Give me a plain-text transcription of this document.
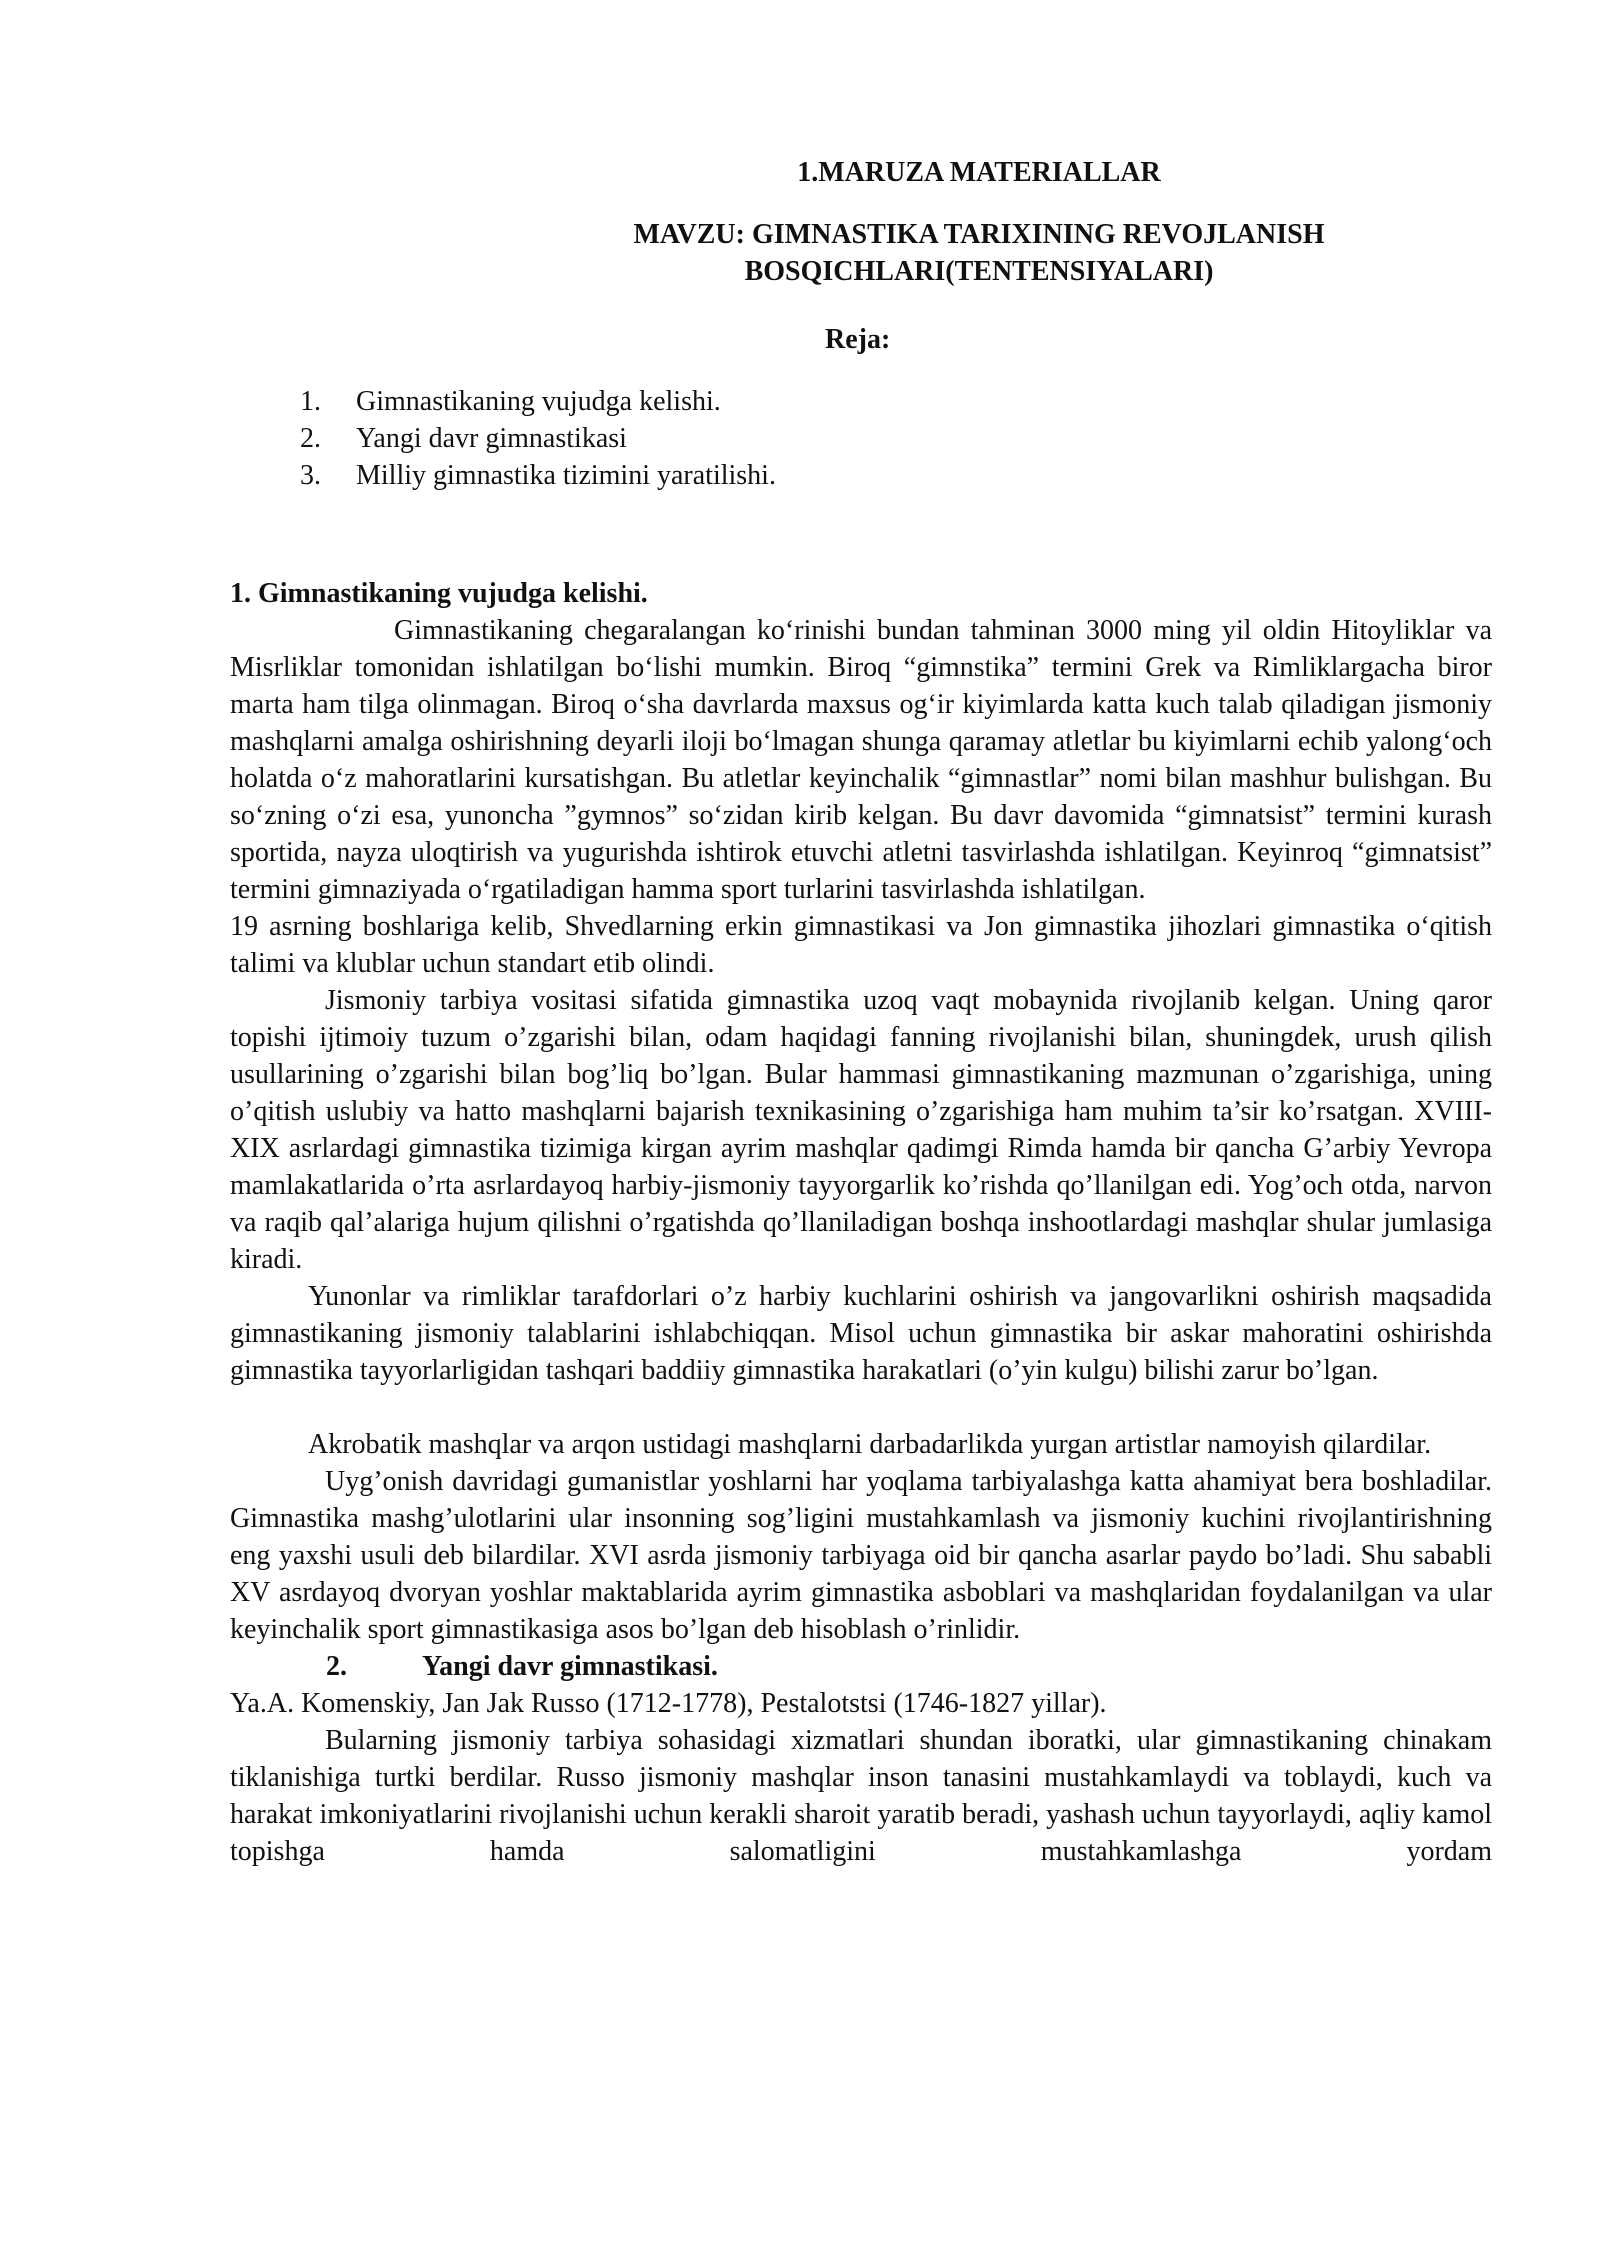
1.MARUZA MATERIALLAR

MAVZU: GIMNASTIKA TARIXINING REVOJLANISH BOSQICHLARI(TENTENSIYALARI)

Reja:

1.	Gimnastikaning vujudga kelishi.
2.	Yangi davr gimnastikasi
3.	Milliy gimnastika tizimini yaratilishi.

1. Gimnastikaning vujudga kelishi.

Gimnastikaning chegaralangan ko‘rinishi bundan tahminan 3000 ming yil oldin Hitoyliklar va Misrliklar tomonidan ishlatilgan bo‘lishi mumkin. Biroq “gimnstika” termini Grek va Rimliklargacha biror marta ham tilga olinmagan. Biroq o‘sha davrlarda maxsus og‘ir kiyimlarda katta kuch talab qiladigan jismoniy mashqlarni amalga oshirishning deyarli iloji bo‘lmagan shunga qaramay atletlar bu kiyimlarni echib yalong‘och holatda o‘z mahoratlarini kursatishgan. Bu atletlar keyinchalik “gimnastlar” nomi bilan mashhur bulishgan. Bu so‘zning o‘zi esa, yunoncha ”gymnos” so‘zidan kirib kelgan. Bu davr davomida “gimnatsist” termini kurash sportida, nayza uloqtirish va yugurishda ishtirok etuvchi atletni tasvirlashda ishlatilgan. Keyinroq “gimnatsist” termini gimnaziyada o‘rgatiladigan hamma sport turlarini tasvirlashda ishlatilgan.

19 asrning boshlariga kelib, Shvedlarning erkin gimnastikasi va Jon gimnastika jihozlari gimnastika o‘qitish talimi va klublar uchun standart etib olindi.

Jismoniy tarbiya vositasi sifatida gimnastika uzoq vaqt mobaynida rivojlanib kelgan. Uning qaror topishi ijtimoiy tuzum o’zgarishi bilan, odam haqidagi fanning rivojlanishi bilan, shuningdek, urush qilish usullarining o’zgarishi bilan bog’liq bo’lgan. Bular hammasi gimnastikaning mazmunan o’zgarishiga, uning o’qitish uslubiy va hatto mashqlarni bajarish texnikasining o’zgarishiga ham muhim ta’sir ko’rsatgan. XVIII-XIX asrlardagi gimnastika tizimiga kirgan ayrim mashqlar qadimgi Rimda hamda bir qancha G’arbiy Yevropa mamlakatlarida o’rta asrlardayoq harbiy-jismoniy tayyorgarlik ko’rishda qo’llanilgan edi. Yog’och otda, narvon va raqib qal’alariga hujum qilishni o’rgatishda qo’llaniladigan boshqa inshootlardagi mashqlar shular jumlasiga kiradi.

Yunonlar va rimliklar tarafdorlari o’z harbiy kuchlarini oshirish va jangovarlikni oshirish maqsadida gimnastikaning jismoniy talablarini ishlabchiqqan. Misol uchun gimnastika bir askar mahoratini oshirishda gimnastika tayyorlarligidan tashqari baddiiy gimnastika harakatlari (o’yin kulgu) bilishi zarur bo’lgan.

Akrobatik mashqlar va arqon ustidagi mashqlarni darbadarlikda yurgan artistlar namoyish qilardilar.

Uyg’onish davridagi gumanistlar yoshlarni har yoqlama tarbiyalashga katta ahamiyat bera boshladilar. Gimnastika mashg’ulotlarini ular insonning sog’ligini mustahkamlash va jismoniy kuchini rivojlantirishning eng yaxshi usuli deb bilardilar. XVI asrda jismoniy tarbiyaga oid bir qancha asarlar paydo bo’ladi. Shu sababli XV asrdayoq dvoryan yoshlar maktablarida ayrim gimnastika asboblari va mashqlaridan foydalanilgan va ular keyinchalik sport gimnastikasiga asos bo’lgan deb hisoblash o’rinlidir.

2.	Yangi davr gimnastikasi.

Ya.A. Komenskiy, Jan Jak Russo (1712-1778), Pestalotstsi (1746-1827 yillar).

Bularning jismoniy tarbiya sohasidagi xizmatlari shundan iboratki, ular gimnastikaning chinakam tiklanishiga turtki berdilar. Russo jismoniy mashqlar inson tanasini mustahkamlaydi va toblaydi, kuch va harakat imkoniyatlarini rivojlanishi uchun kerakli sharoit yaratib beradi, yashash uchun tayyorlaydi, aqliy kamol topishga hamda salomatligini mustahkamlashga yordam
